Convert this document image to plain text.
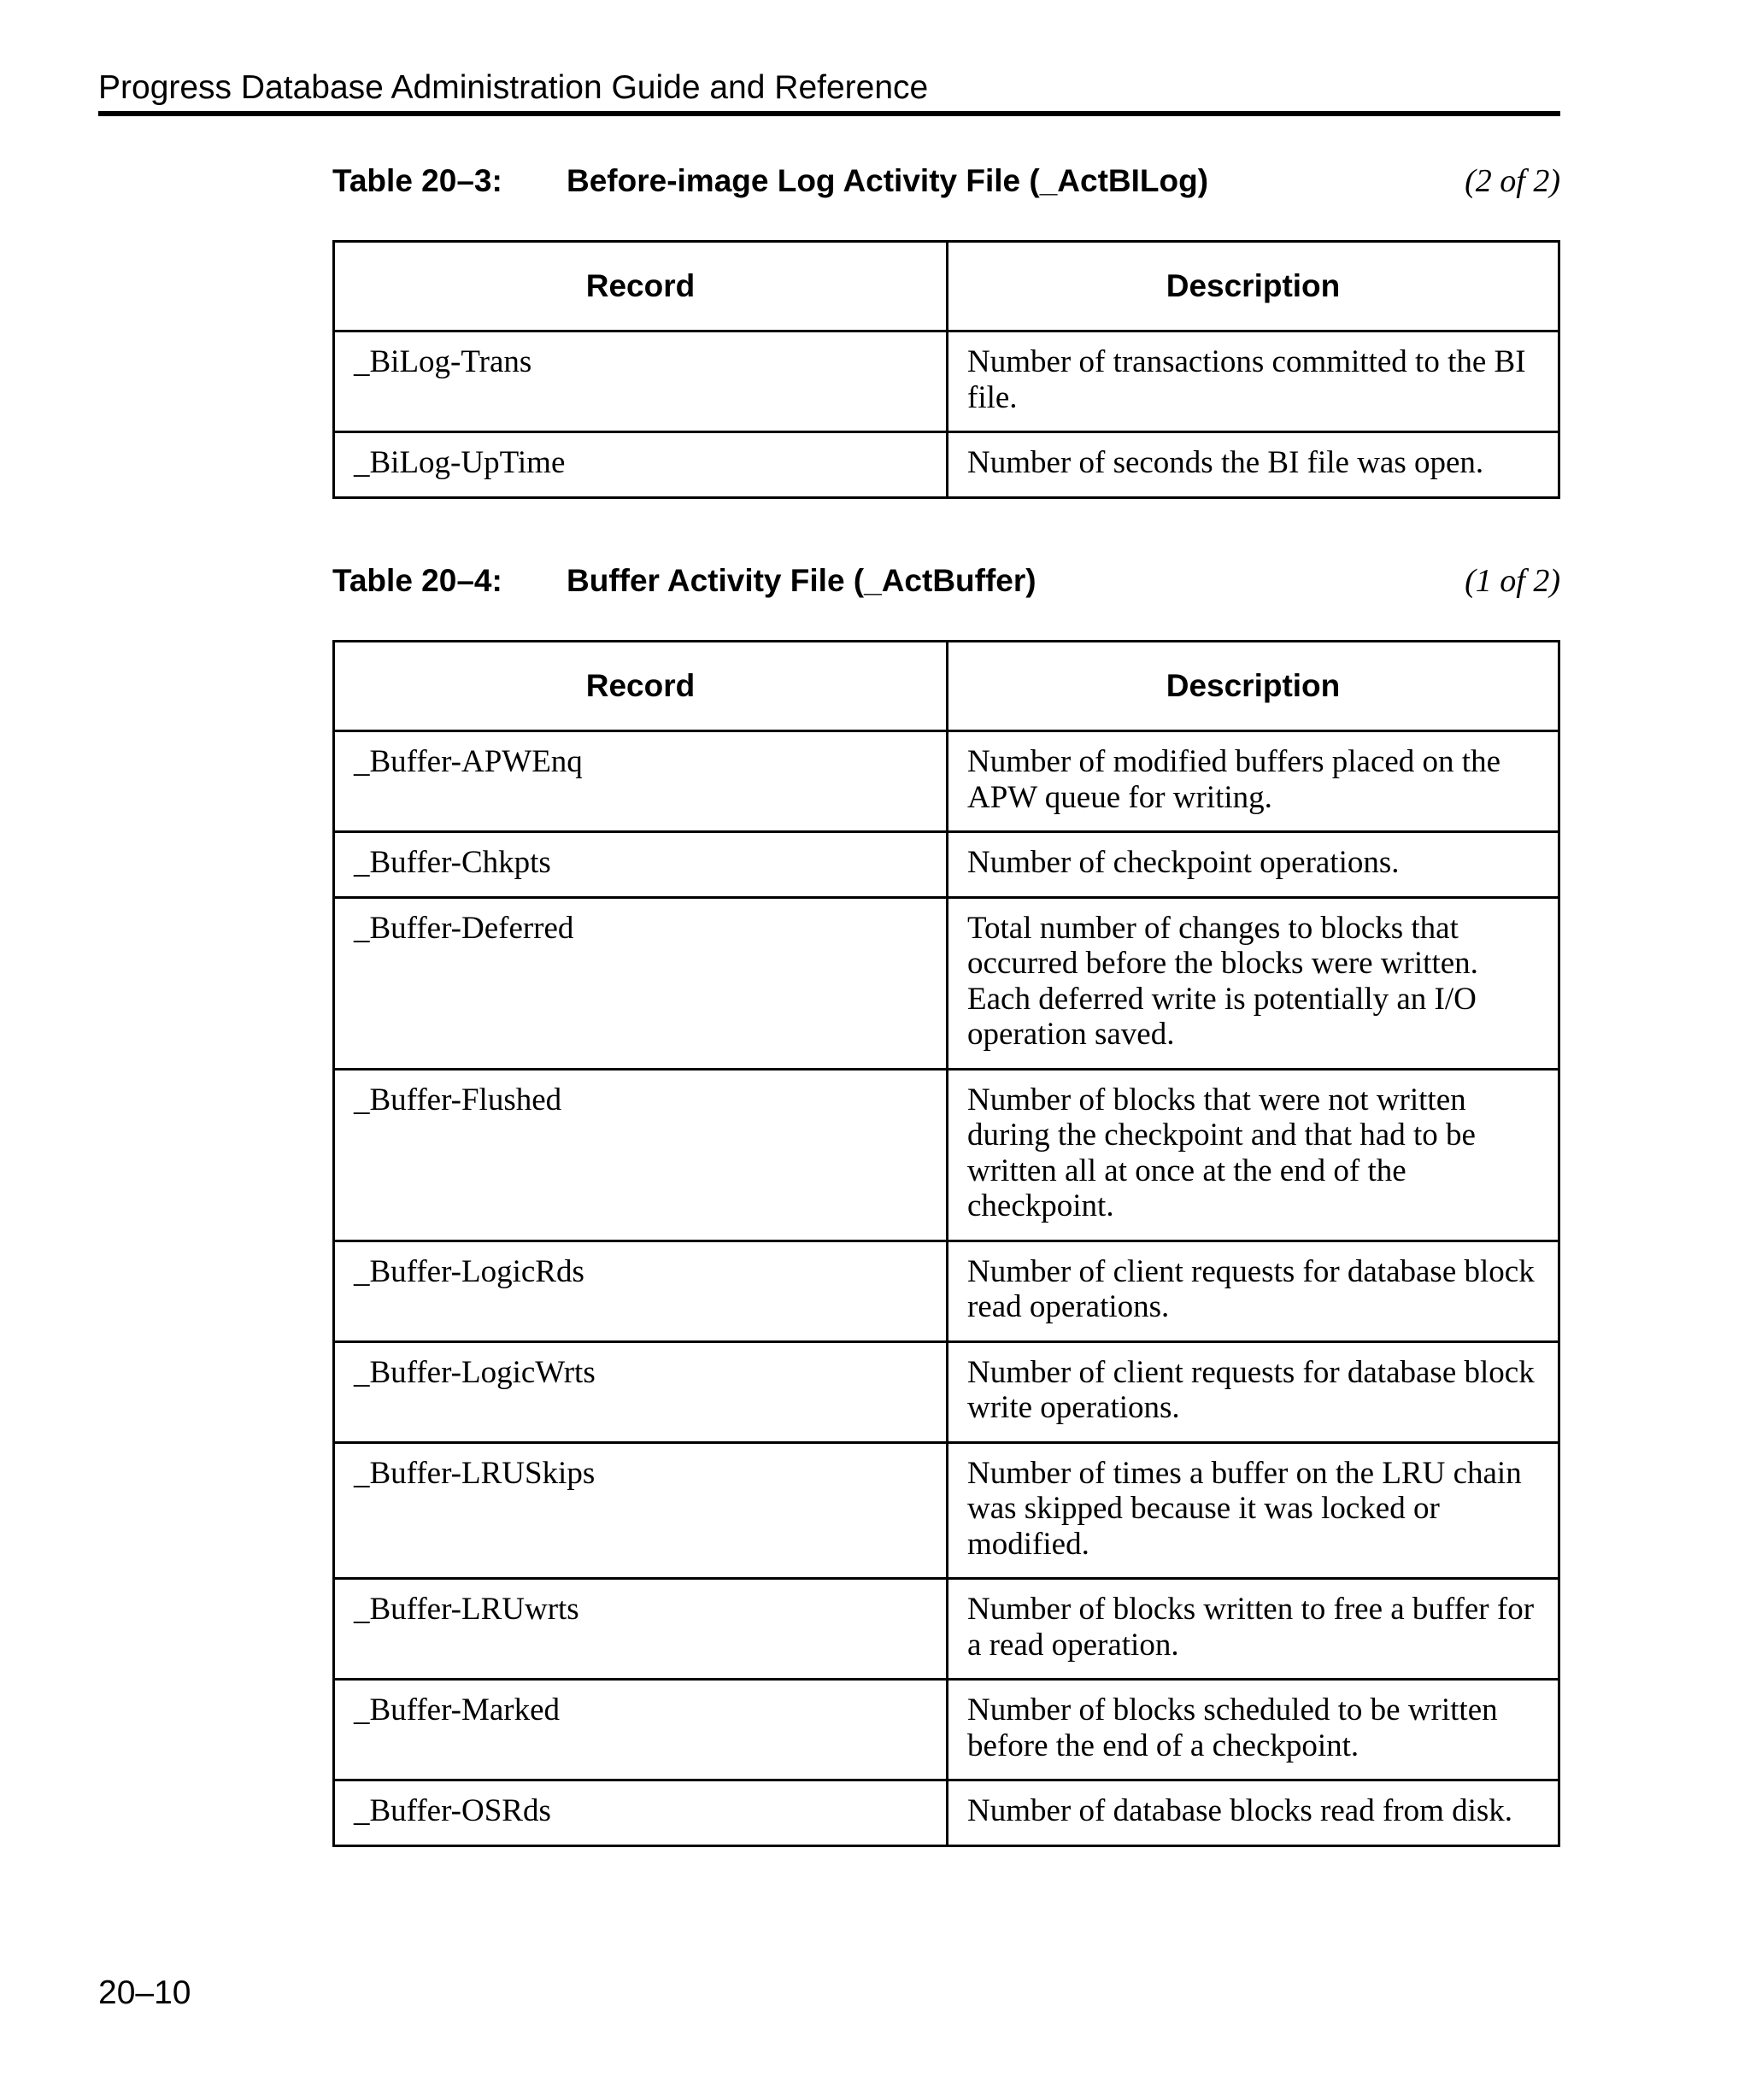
Progress Database Administration Guide and Reference
Table 20–3: Before-image Log Activity File (_ActBILog)	(2 of 2)
Record	Description
_BiLog-Trans	Number of transactions committed to the BI file.
_BiLog-UpTime	Number of seconds the BI file was open.
Table 20–4: Buffer Activity File (_ActBuffer)	(1 of 2)
Record	Description
_Buffer-APWEnq	Number of modified buffers placed on the APW queue for writing.
_Buffer-Chkpts	Number of checkpoint operations.
_Buffer-Deferred	Total number of changes to blocks that occurred before the blocks were written. Each deferred write is potentially an I/O operation saved.
_Buffer-Flushed	Number of blocks that were not written during the checkpoint and that had to be written all at once at the end of the checkpoint.
_Buffer-LogicRds	Number of client requests for database block read operations.
_Buffer-LogicWrts	Number of client requests for database block write operations.
_Buffer-LRUSkips	Number of times a buffer on the LRU chain was skipped because it was locked or modified.
_Buffer-LRUwrts	Number of blocks written to free a buffer for a read operation.
_Buffer-Marked	Number of blocks scheduled to be written before the end of a checkpoint.
_Buffer-OSRds	Number of database blocks read from disk.
20–10
